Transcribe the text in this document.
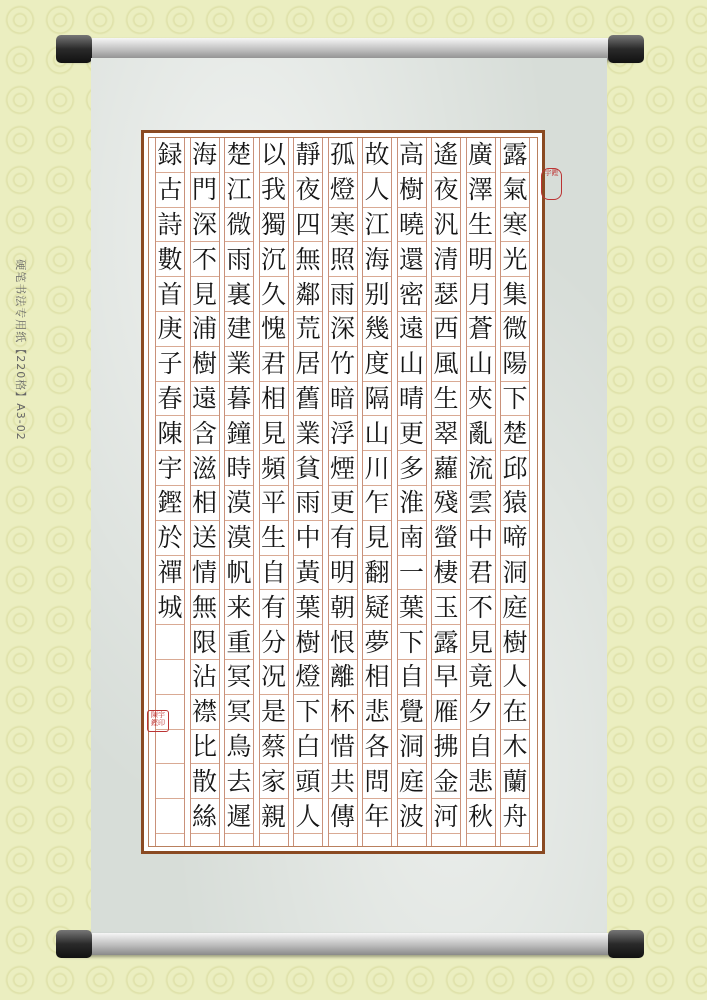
硬笔书法专用纸【220格】A3-02
露
氣
寒
光
集
微
陽
下
楚
邱
猿
啼
洞
庭
樹
人
在
木
蘭
舟
廣
澤
生
明
月
蒼
山
夾
亂
流
雲
中
君
不
見
竟
夕
自
悲
秋
遙
夜
汎
清
瑟
西
風
生
翠
蘿
殘
螢
棲
玉
露
早
雁
拂
金
河
高
樹
曉
還
密
遠
山
晴
更
多
淮
南
一
葉
下
自
覺
洞
庭
波
故
人
江
海
别
幾
度
隔
山
川
乍
見
翻
疑
夢
相
悲
各
問
年
孤
燈
寒
照
雨
深
竹
暗
浮
煙
更
有
明
朝
恨
離
杯
惜
共
傳
靜
夜
四
無
鄰
荒
居
舊
業
貧
雨
中
黃
葉
樹
燈
下
白
頭
人
以
我
獨
沉
久
愧
君
相
見
頻
平
生
自
有
分
况
是
蔡
家
親
楚
江
微
雨
裏
建
業
暮
鐘
時
漠
漠
帆
来
重
冥
冥
鳥
去
遲
海
門
深
不
見
浦
樹
遠
含
滋
相
送
情
無
限
沾
襟
比
散
絲
録
古
詩
數
首
庚
子
春
陳
宇
鏗
於
禪
城
宇鏗
陳宇鏗印
